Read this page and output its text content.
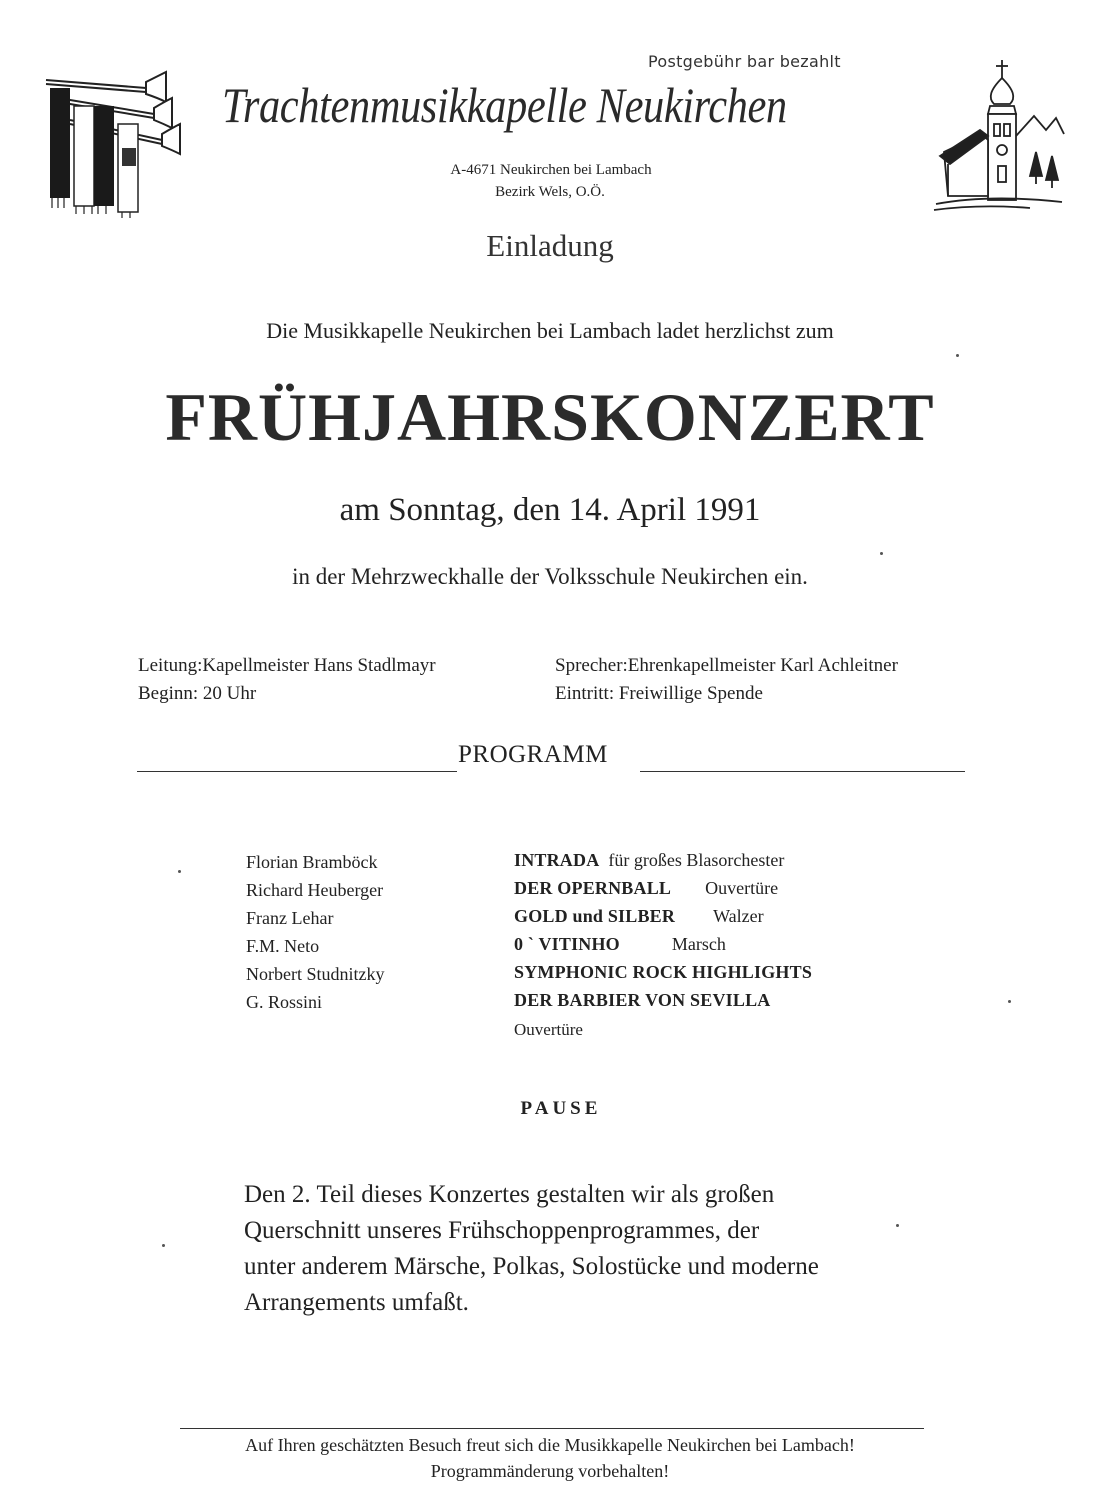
Postgebühr bar bezahlt
Trachtenmusikkapelle Neukirchen
A-4671 Neukirchen bei Lambach
Bezirk Wels, O.Ö.
Einladung
Die Musikkapelle Neukirchen bei Lambach ladet herzlichst zum
FRÜHJAHRSKONZERT
am Sonntag, den 14. April 1991
in der Mehrzweckhalle der Volksschule Neukirchen ein.
Leitung:Kapellmeister Hans Stadlmayr
Beginn: 20 Uhr
Sprecher:Ehrenkapellmeister Karl Achleitner
Eintritt: Freiwillige Spende
PROGRAMM
Florian Bramböck	INTRADA für großes Blasorchester
Richard Heuberger	DER OPERNBALL Ouvertüre
Franz Lehar	GOLD und SILBER Walzer
F.M. Neto	0 ` VITINHO	Marsch
Norbert Studnitzky	SYMPHONIC ROCK HIGHLIGHTS
G. Rossini	DER BARBIER VON SEVILLA
Ouvertüre
PAUSE
Den 2. Teil dieses Konzertes gestalten wir als großen
Querschnitt unseres Frühschoppenprogrammes, der
unter anderem Märsche, Polkas, Solostücke und moderne
Arrangements umfaßt.
Auf Ihren geschätzten Besuch freut sich die Musikkapelle Neukirchen bei Lambach!
Programmänderung vorbehalten!
